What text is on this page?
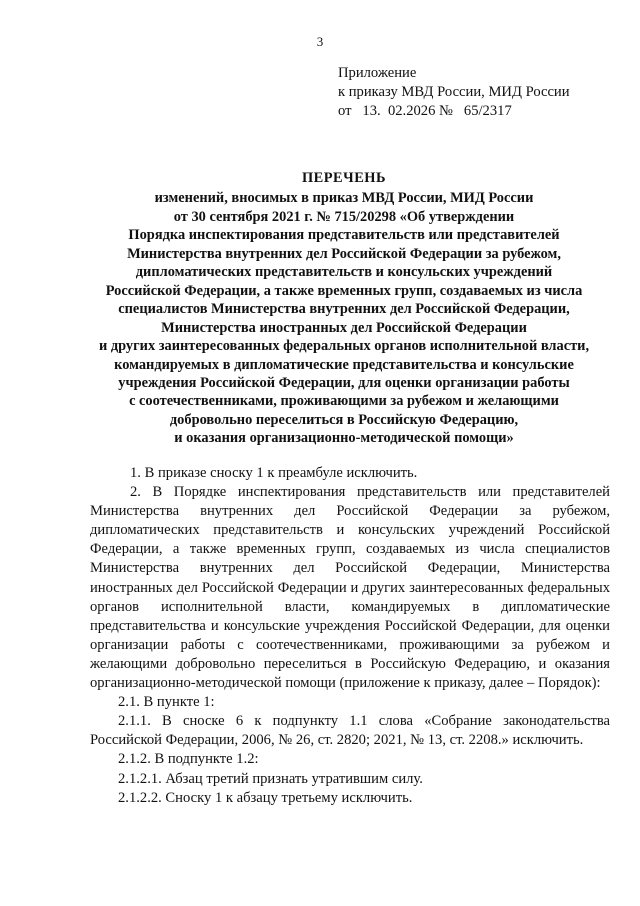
3
Приложение
к приказу МВД России, МИД России
от   13.  02.2026 №   65/2317
ПЕРЕЧЕНЬ
изменений, вносимых в приказ МВД России, МИД России
от 30 сентября 2021 г. № 715/20298 «Об утверждении
Порядка инспектирования представительств или представителей
Министерства внутренних дел Российской Федерации за рубежом,
дипломатических представительств и консульских учреждений
Российской Федерации, а также временных групп, создаваемых из числа
специалистов Министерства внутренних дел Российской Федерации,
Министерства иностранных дел Российской Федерации
и других заинтересованных федеральных органов исполнительной власти,
командируемых в дипломатические представительства и консульские
учреждения Российской Федерации, для оценки организации работы
с соотечественниками, проживающими за рубежом и желающими
добровольно переселиться в Российскую Федерацию,
и оказания организационно-методической помощи»

1. В приказе сноску 1 к преамбуле исключить.

2. В Порядке инспектирования представительств или представителей Министерства внутренних дел Российской Федерации за рубежом, дипломатических представительств и консульских учреждений Российской Федерации, а также временных групп, создаваемых из числа специалистов Министерства внутренних дел Российской Федерации, Министерства иностранных дел Российской Федерации и других заинтересованных федеральных органов исполнительной власти, командируемых в дипломатические представительства и консульские учреждения Российской Федерации, для оценки организации работы с соотечественниками, проживающими за рубежом и желающими добровольно переселиться в Российскую Федерацию, и оказания организационно-методической помощи (приложение к приказу, далее – Порядок):

2.1. В пункте 1:

2.1.1. В сноске 6 к подпункту 1.1 слова «Собрание законодательства Российской Федерации, 2006, № 26, ст. 2820; 2021, № 13, ст. 2208.» исключить.

2.1.2. В подпункте 1.2:

2.1.2.1. Абзац третий признать утратившим силу.

2.1.2.2. Сноску 1 к абзацу третьему исключить.
